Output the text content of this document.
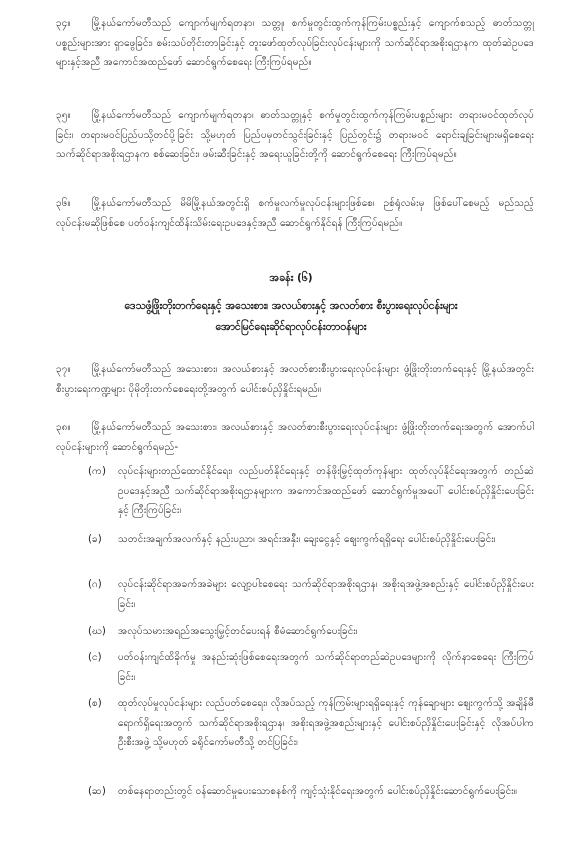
၃၄။ မြို့နယ်ကော်မတီသည် ကျောက်မျက်ရတနာ၊ သတ္တု၊ စက်မှုတွင်းထွက်ကုန်ကြမ်းပစ္စည်းနှင့် ကျောက်စသည့် ဓာတ်သတ္တုပစ္စည်းများအား ရှာဖွေခြင်း၊ စမ်းသပ်တိုင်းတာခြင်းနှင့် တူးဖော်ထုတ်လုပ်ခြင်းလုပ်ငန်းများကို သက်ဆိုင်ရာအစိုးရဌာနက ထုတ်ဆဲဥပဒေများနှင့်အညီ အကောင်အထည်ဖော် ဆောင်ရွက်စေရေး ကြီးကြပ်ရမည်။
၃၅။ မြို့နယ်ကော်မတီသည် ကျောက်မျက်ရတနာ၊ ဓာတ်သတ္တုနှင့် စက်မှုတွင်းထွက်ကုန်ကြမ်းပစ္စည်းများ တရားမဝင်ထုတ်လုပ်ခြင်း၊ တရားမဝင်ပြည်ပသို့တင်ပို့ခြင်း သို့မဟုတ် ပြည်ပမှတင်သွင်းခြင်းနှင့် ပြည်တွင်း၌ တရားမဝင် ရောင်းချခြင်းများမရှိစေရေး သက်ဆိုင်ရာအစိုးရဌာနက စစ်ဆေးခြင်း၊ ဖမ်းဆီးခြင်းနှင့် အရေးယူခြင်းတို့ကို ဆောင်ရွက်စေရေး ကြီးကြပ်ရမည်။
၃၆။ မြို့နယ်ကော်မတီသည် မိမိမြို့နယ်အတွင်းရှိ စက်မှုလက်မှုလုပ်ငန်းများဖြစ်စေ၊ ဉစ်ရုံလမ်းမှ ဖြစ်ပေါ်စေမည့် မည်သည့်လုပ်ငန်းမဆိုဖြစ်စေ ပတ်ဝန်းကျင်ထိန်းသိမ်းရေးဥပဒေနှင့်အညီ ဆောင်ရွက်နိုင်ရန် ကြီးကြပ်ရမည်။
အခန်း (၆)
ဒေသဖွံ့ဖြိုးတိုးတက်ရေးနှင့် အသေးစား၊ အလယ်စားနှင့် အလတ်စား စီးပွားရေးလုပ်ငန်းများ
အောင်မြင်ရေးဆိုင်ရာလုပ်ငန်းတာဝန်များ
၃၇။ မြို့နယ်ကော်မတီသည် အသေးစား၊ အလယ်စားနှင့် အလတ်စားစီးပွားရေးလုပ်ငန်းများ ဖွံ့ဖြိုးတိုးတက်ရေးနှင့် မြို့နယ်အတွင်း စီးပွားရေးကဏ္ဍများ ပိုမိုတိုးတက်စေရေးတို့အတွက် ပေါင်းစပ်ညှိနှိုင်းရမည်။
၃၈။ မြို့နယ်ကော်မတီသည် အသေးစား၊ အလယ်စားနှင့် အလတ်စားစီးပွားရေးလုပ်ငန်းများ ဖွံ့ဖြိုးတိုးတက်ရေးအတွက် အောက်ပါလုပ်ငန်းများကို ဆောင်ရွက်ရမည်-
(က)	လုပ်ငန်းများတည်ထောင်နိုင်ရေး၊ လည်ပတ်နိုင်ရေးနှင့် တန်ဖိုးမြှင့်ထုတ်ကုန်များ ထုတ်လုပ်နိုင်ရေးအတွက် တည်ဆဲဥပဒေနှင့်အညီ သက်ဆိုင်ရာအစိုးရဌာနများက အကောင်အထည်ဖော် ဆောင်ရွက်မှုအပေါ် ပေါင်းစပ်ညှိနှိုင်းပေးခြင်းနှင့် ကြီးကြပ်ခြင်း၊
(ခ)	သတင်းအချက်အလက်နှင့် နည်းပညာ၊ အရင်းအနှီး၊ ချေးငွေနှင့် ဈေးကွက်ရရှိရေး ပေါင်းစပ်ညှိနှိုင်းပေးခြင်း၊
(ဂ)	လုပ်ငန်းဆိုင်ရာအခက်အခဲများ လျော့ပါးစေရေး သက်ဆိုင်ရာအစိုးရဌာန၊ အစိုးရအဖွဲ့အစည်းနှင့် ပေါင်းစပ်ညှိနှိုင်းပေးခြင်း၊
(ဃ)	အလုပ်သမားအရည်အသွေးမြှင့်တင်ပေးရန် စီမံဆောင်ရွက်ပေးခြင်း၊
(င)	ပတ်ဝန်းကျင်ထိခိုက်မှု အနည်းဆုံးဖြစ်စေရေးအတွက် သက်ဆိုင်ရာတည်ဆဲဥပဒေများကို လိုက်နာစေရေး ကြီးကြပ်ခြင်း၊
(စ)	ထုတ်လုပ်မှုလုပ်ငန်းများ လည်ပတ်စေရေး၊ လိုအပ်သည့် ကုန်ကြမ်းများရရှိရေးနှင့် ကုန်ချောများ ဈေးကွက်သို့ အချိန်မီရောက်ရှိရေးအတွက် သက်ဆိုင်ရာအစိုးရဌာန၊ အစိုးရအဖွဲ့အစည်းများနှင့် ပေါင်းစပ်ညှိနှိုင်းပေးခြင်းနှင့် လိုအပ်ပါက ဦးစီးအဖွဲ့ သို့မဟုတ် ခရိုင်ကော်မတီသို့ တင်ပြခြင်း၊
(ဆ)	တစ်နေရာတည်းတွင် ဝန်ဆောင်မှုပေးသောစနစ်ကို ကျင့်သုံးနိုင်ရေးအတွက် ပေါင်းစပ်ညှိနှိုင်းဆောင်ရွက်ပေးခြင်း။
